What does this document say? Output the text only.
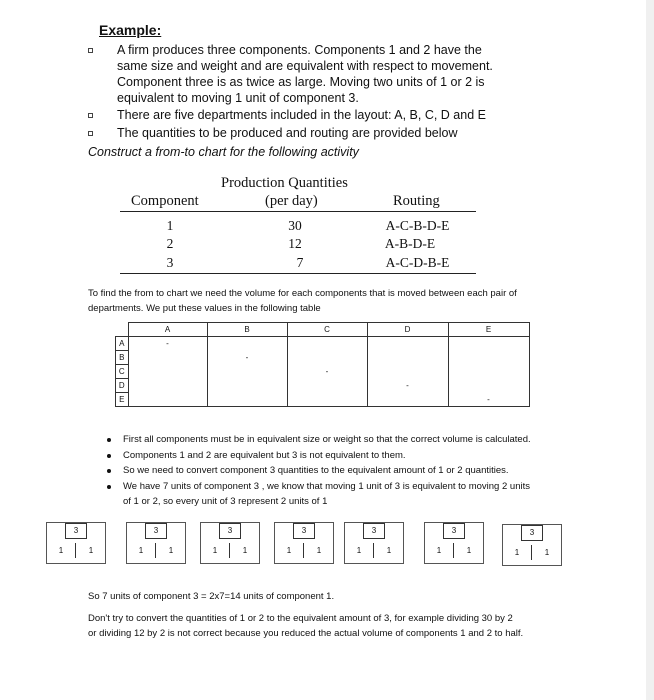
Example:
A firm produces three components. Components 1 and 2 have the
same size and weight and are equivalent with respect to movement.
Component three is as twice as large. Moving two units of 1 or 2 is
equivalent to moving 1 unit of component 3.
There are five departments included in the layout: A, B, C, D and E
The quantities to be produced and routing are provided below
Construct a from-to chart for the following activity
Production Quantities
Component	(per day)	Routing
1	30	A-C-B-D-E
2	12	A-B-D-E
3	7	A-C-D-B-E
To find the from to chart we need the volume for each components that is moved between each pair of
departments. We put these values in the following table
	A	B	C	D	E
A	-				
B		-			
C			-		
D				-	
E					-
First all components must be in equivalent size or weight so that the correct volume is calculated.
Components 1 and 2 are equivalent but 3 is not equivalent to them.
So we need to convert component 3 quantities to the equivalent amount of 1 or 2 quantities.
We have 7 units of component 3 , we know that moving 1 unit of 3 is equivalent to moving 2 units
of 1 or 2, so every unit of 3 represent 2 units of 1
3
1	1
3
1	1
3
1	1
3
1	1
3
1	1
3
1	1
3
1	1
So 7 units of component 3 = 2x7=14 units of component 1.
Don't try to convert the quantities of 1 or 2 to the equivalent amount of 3, for example dividing 30 by 2
or dividing 12 by 2 is not correct because you reduced the actual volume of components 1 and 2 to half.
